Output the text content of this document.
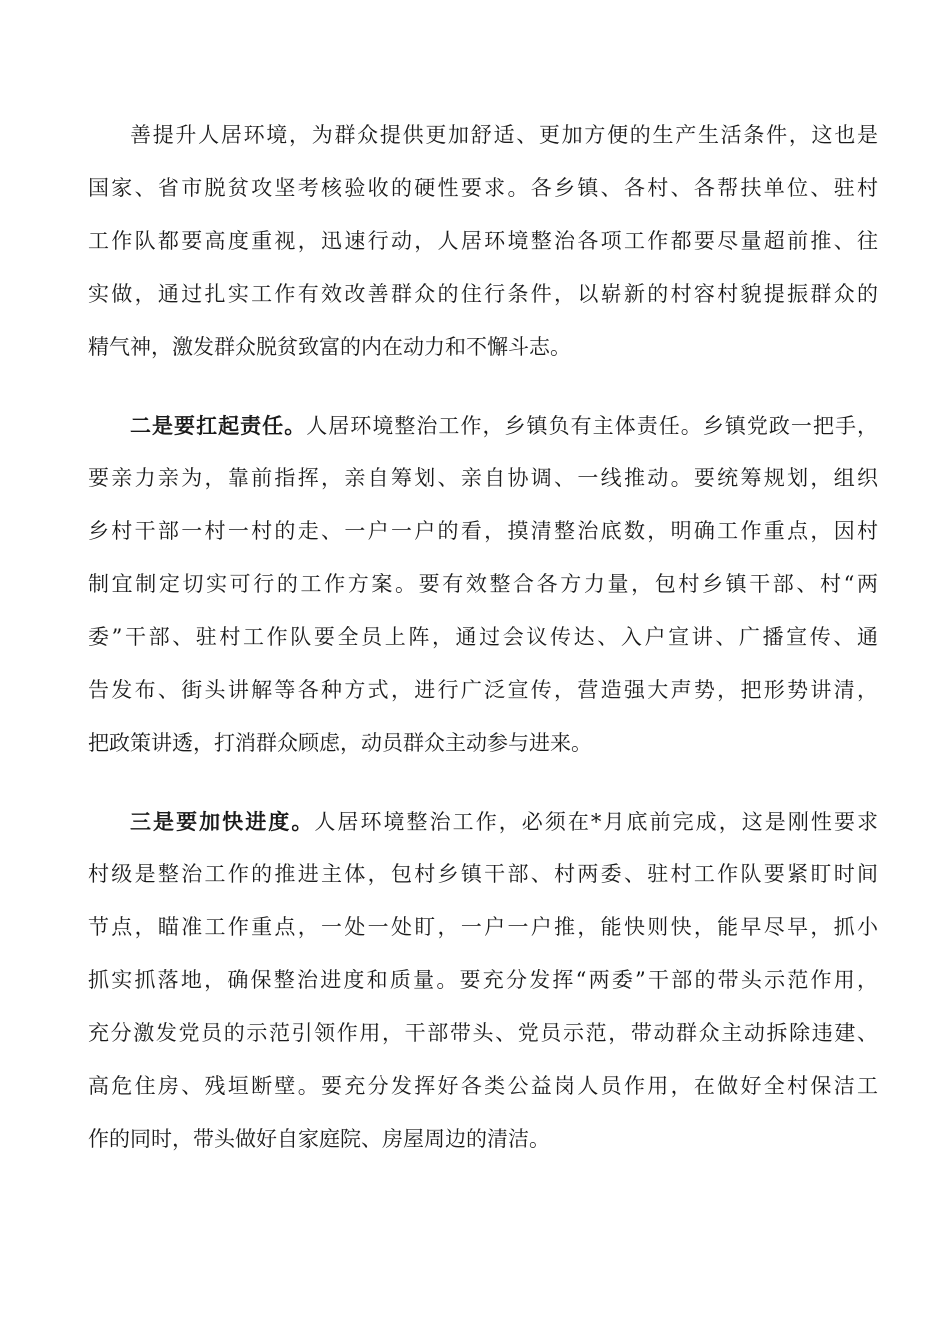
善提升人居环境，为群众提供更加舒适、更加方便的生产生活条件，这也是
国家、省市脱贫攻坚考核验收的硬性要求。各乡镇、各村、各帮扶单位、驻村
工作队都要高度重视，迅速行动，人居环境整治各项工作都要尽量超前推、往
实做，通过扎实工作有效改善群众的住行条件，以崭新的村容村貌提振群众的
精气神，激发群众脱贫致富的内在动力和不懈斗志。
二是要扛起责任。人居环境整治工作，乡镇负有主体责任。乡镇党政一把手，
要亲力亲为，靠前指挥，亲自筹划、亲自协调、一线推动。要统筹规划，组织
乡村干部一村一村的走、一户一户的看，摸清整治底数，明确工作重点，因村
制宜制定切实可行的工作方案。要有效整合各方力量，包村乡镇干部、村“两
委”干部、驻村工作队要全员上阵，通过会议传达、入户宣讲、广播宣传、通
告发布、街头讲解等各种方式，进行广泛宣传，营造强大声势，把形势讲清，
把政策讲透，打消群众顾虑，动员群众主动参与进来。
三是要加快进度。人居环境整治工作，必须在*月底前完成，这是刚性要求
村级是整治工作的推进主体，包村乡镇干部、村两委、驻村工作队要紧盯时间
节点，瞄准工作重点，一处一处盯，一户一户推，能快则快，能早尽早，抓小
抓实抓落地，确保整治进度和质量。要充分发挥“两委”干部的带头示范作用，
充分激发党员的示范引领作用，干部带头、党员示范，带动群众主动拆除违建、
高危住房、残垣断壁。要充分发挥好各类公益岗人员作用，在做好全村保洁工
作的同时，带头做好自家庭院、房屋周边的清洁。
